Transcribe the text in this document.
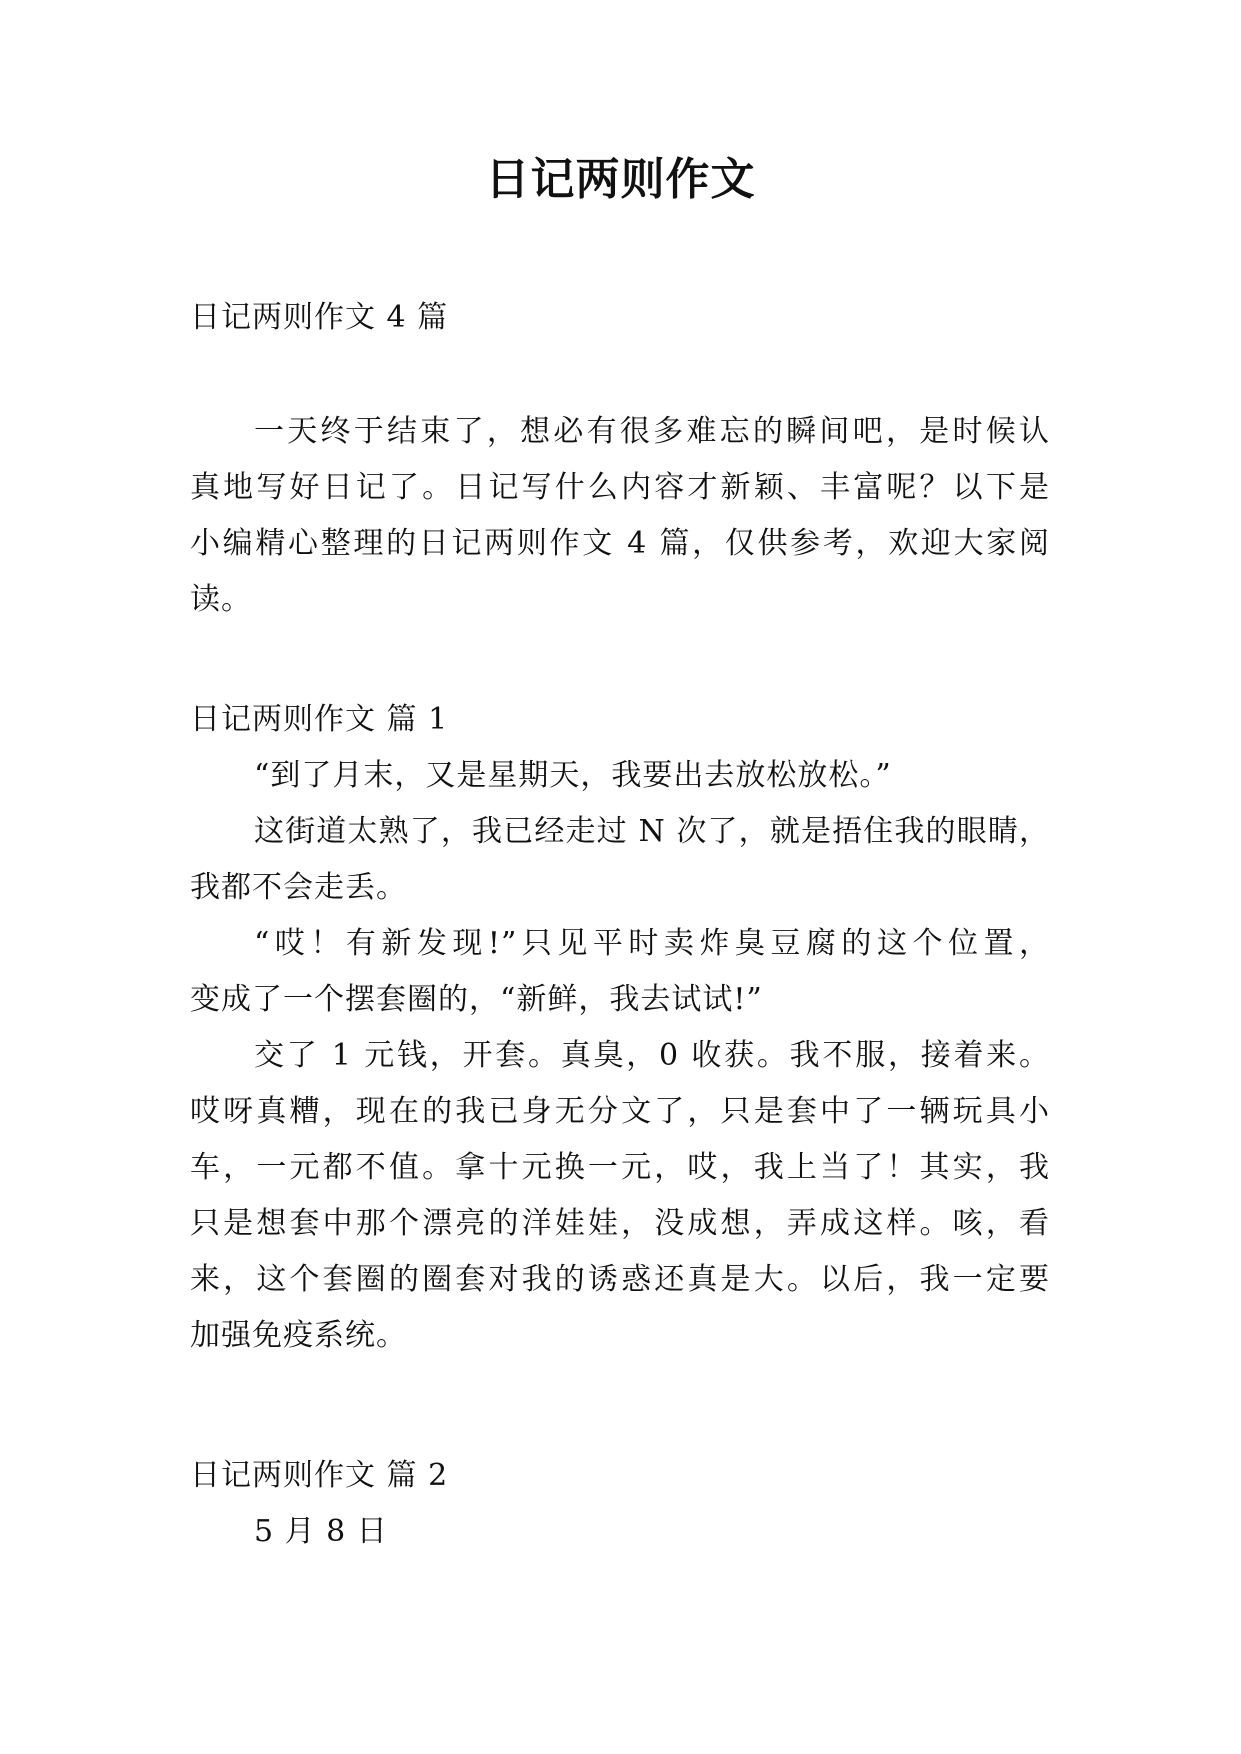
日记两则作文
日记两则作文 4 篇
一天终于结束了，想必有很多难忘的瞬间吧，是时候认
真地写好日记了。日记写什么内容才新颖、丰富呢？以下是
小编精心整理的日记两则作文 4 篇，仅供参考，欢迎大家阅
读。
日记两则作文 篇 1
“到了月末，又是星期天，我要出去放松放松。”
这街道太熟了，我已经走过 N 次了，就是捂住我的眼睛，
我都不会走丢。
“哎！有新发现!”只见平时卖炸臭豆腐的这个位置，
变成了一个摆套圈的，“新鲜，我去试试!”
交了 1 元钱，开套。真臭，0 收获。我不服，接着来。
哎呀真糟，现在的我已身无分文了，只是套中了一辆玩具小
车，一元都不值。拿十元换一元，哎，我上当了！其实，我
只是想套中那个漂亮的洋娃娃，没成想，弄成这样。咳，看
来，这个套圈的圈套对我的诱惑还真是大。以后，我一定要
加强免疫系统。
日记两则作文 篇 2
5 月 8 日
